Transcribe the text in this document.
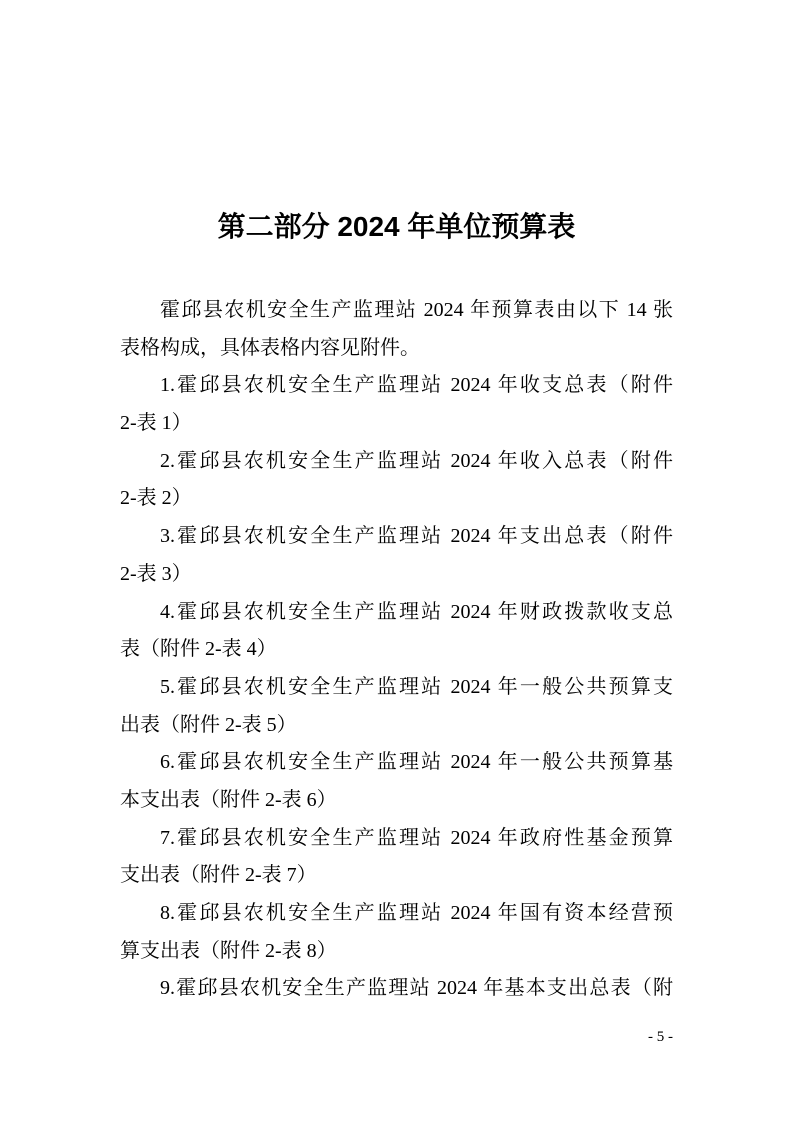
第二部分 2024 年单位预算表
霍邱县农机安全生产监理站 2024 年预算表由以下 14 张
表格构成，具体表格内容见附件。
1.霍邱县农机安全生产监理站 2024 年收支总表（附件
2-表 1）
2.霍邱县农机安全生产监理站 2024 年收入总表（附件
2-表 2）
3.霍邱县农机安全生产监理站 2024 年支出总表（附件
2-表 3）
4.霍邱县农机安全生产监理站 2024 年财政拨款收支总
表（附件 2-表 4）
5.霍邱县农机安全生产监理站 2024 年一般公共预算支
出表（附件 2-表 5）
6.霍邱县农机安全生产监理站 2024 年一般公共预算基
本支出表（附件 2-表 6）
7.霍邱县农机安全生产监理站 2024 年政府性基金预算
支出表（附件 2-表 7）
8.霍邱县农机安全生产监理站 2024 年国有资本经营预
算支出表（附件 2-表 8）
9.霍邱县农机安全生产监理站 2024 年基本支出总表（附
- 5 -
